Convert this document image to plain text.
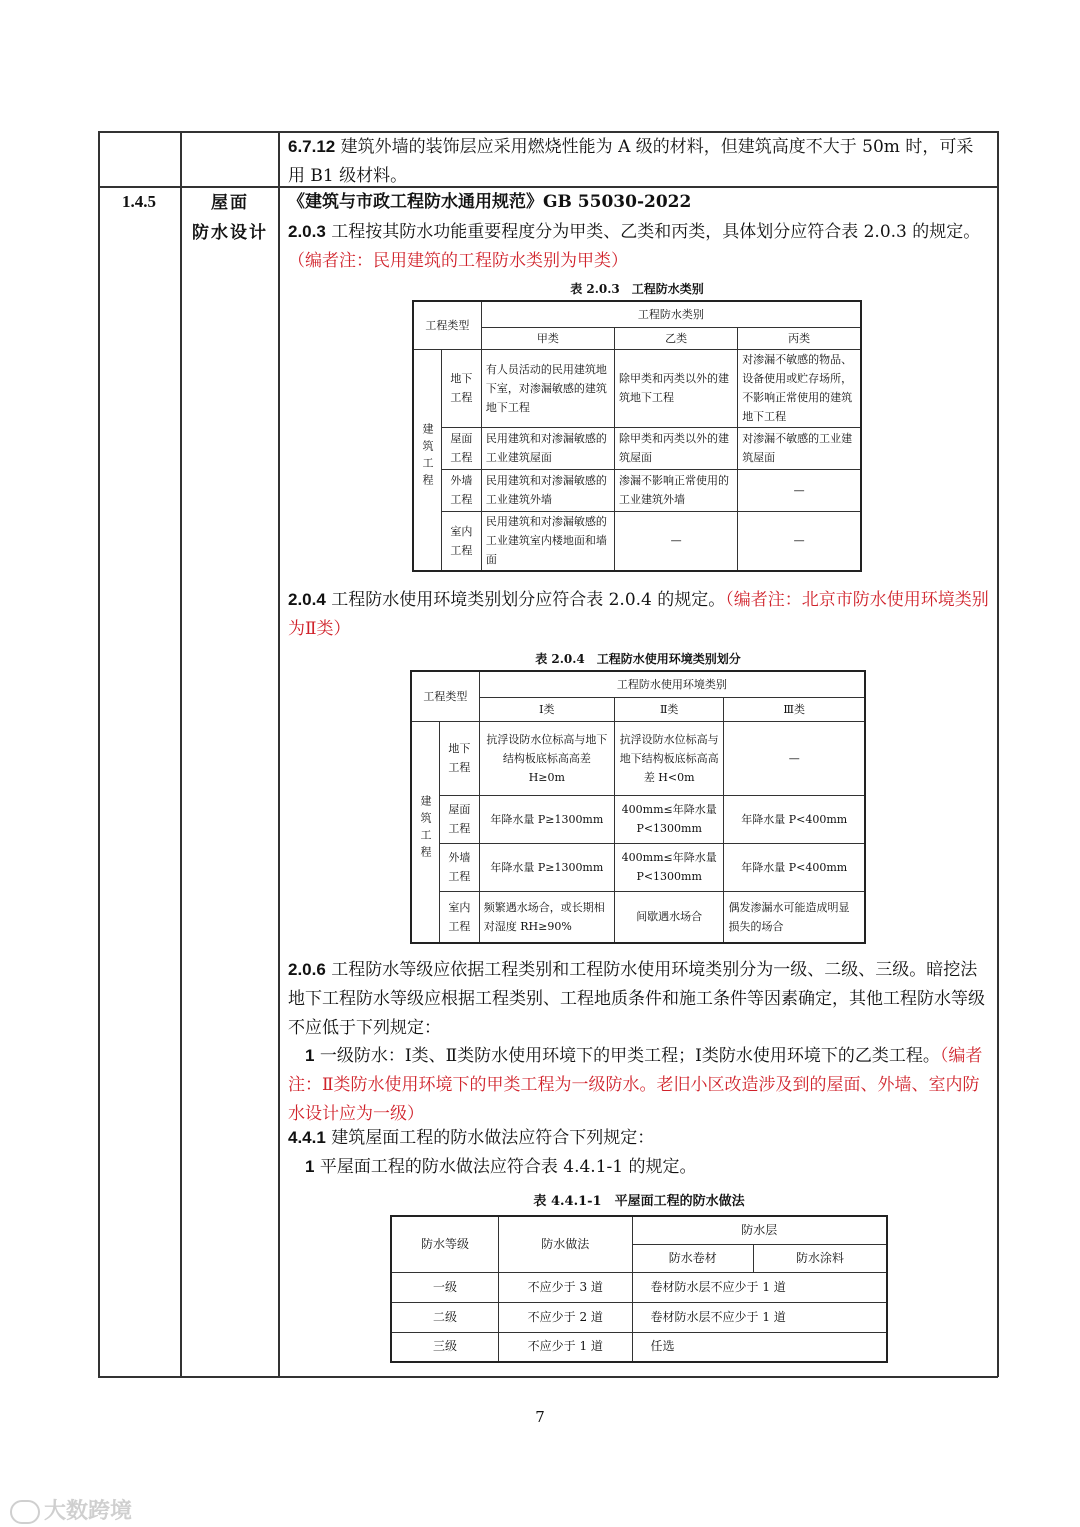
6.7.12 建筑外墙的装饰层应采用燃烧性能为 A 级的材料，但建筑高度不大于 50m 时，可采用 B1 级材料。
1.4.5	屋面
防水设计
《建筑与市政工程防水通用规范》GB 55030-2022
2.0.3 工程按其防水功能重要程度分为甲类、乙类和丙类，具体划分应符合表 2.0.3 的规定。（编者注：民用建筑的工程防水类别为甲类）
表 2.0.3　工程防水类别
工程类型		工程防水类别		
		甲类	乙类	丙类
建筑工程	地下工程	有人员活动的民用建筑地下室，对渗漏敏感的建筑地下工程	除甲类和丙类以外的建筑地下工程	对渗漏不敏感的物品、设备使用或贮存场所，不影响正常使用的建筑地下工程
	屋面工程	民用建筑和对渗漏敏感的工业建筑屋面	除甲类和丙类以外的建筑屋面	对渗漏不敏感的工业建筑屋面
	外墙工程	民用建筑和对渗漏敏感的工业建筑外墙	渗漏不影响正常使用的工业建筑外墙	—
	室内工程	民用建筑和对渗漏敏感的工业建筑室内楼地面和墙面	—	—
2.0.4 工程防水使用环境类别划分应符合表 2.0.4 的规定。（编者注：北京市防水使用环境类别为Ⅱ类）
表 2.0.4　工程防水使用环境类别划分
工程类型		工程防水使用环境类别		
		Ⅰ类	Ⅱ类	Ⅲ类
建筑工程	地下工程	抗浮设防水位标高与地下结构板底标高高差 H≥0m	抗浮设防水位标高与地下结构板底标高高差 H<0m	—
	屋面工程	年降水量 P≥1300mm	400mm≤年降水量 P<1300mm	年降水量 P<400mm
	外墙工程	年降水量 P≥1300mm	400mm≤年降水量 P<1300mm	年降水量 P<400mm
	室内工程	频繁遇水场合，或长期相对湿度 RH≥90%	间歇遇水场合	偶发渗漏水可能造成明显损失的场合
2.0.6 工程防水等级应依据工程类别和工程防水使用环境类别分为一级、二级、三级。暗挖法地下工程防水等级应根据工程类别、工程地质条件和施工条件等因素确定，其他工程防水等级不应低于下列规定：
1 一级防水：Ⅰ类、Ⅱ类防水使用环境下的甲类工程；Ⅰ类防水使用环境下的乙类工程。（编者注：Ⅱ类防水使用环境下的甲类工程为一级防水。老旧小区改造涉及到的屋面、外墙、室内防水设计应为一级）
4.4.1 建筑屋面工程的防水做法应符合下列规定：
1 平屋面工程的防水做法应符合表 4.4.1-1 的规定。
表 4.4.1-1　平屋面工程的防水做法
防水等级	防水做法	防水层	
		防水卷材	防水涂料
一级	不应少于 3 道	卷材防水层不应少于 1 道	
二级	不应少于 2 道	卷材防水层不应少于 1 道	
三级	不应少于 1 道	任选	
7
大数跨境
